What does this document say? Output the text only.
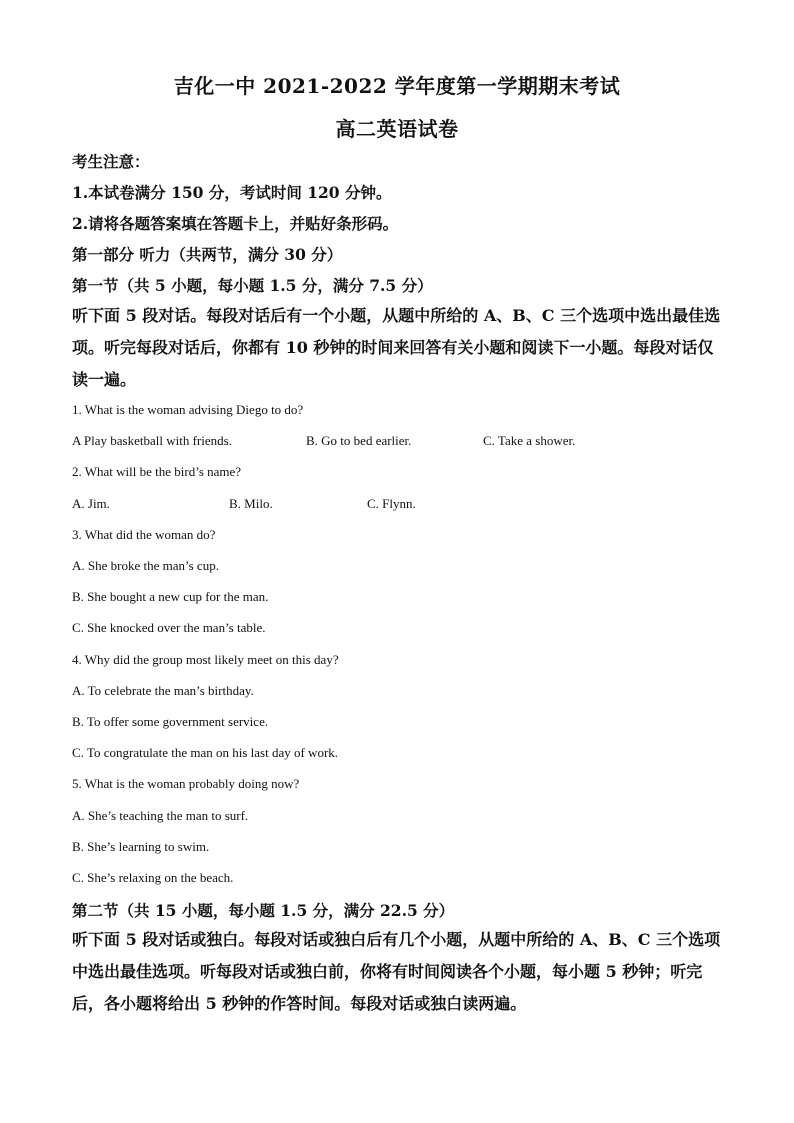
吉化一中 2021-2022 学年度第一学期期末考试
高二英语试卷
考生注意：
1.本试卷满分 150 分，考试时间 120 分钟。
2.请将各题答案填在答题卡上，并贴好条形码。
第一部分 听力（共两节，满分 30 分）
第一节（共 5 小题，每小题 1.5 分，满分 7.5 分）
听下面 5 段对话。每段对话后有一个小题，从题中所给的 A、B、C 三个选项中选出最佳选项。听完每段对话后，你都有 10 秒钟的时间来回答有关小题和阅读下一小题。每段对话仅读一遍。
1. What is the woman advising Diego to do?
A Play basketball with friends.	B. Go to bed earlier.	C. Take a shower.
2. What will be the bird’s name?
A. Jim.	B. Milo.	C. Flynn.
3. What did the woman do?
A. She broke the man’s cup.
B. She bought a new cup for the man.
C. She knocked over the man’s table.
4. Why did the group most likely meet on this day?
A. To celebrate the man’s birthday.
B. To offer some government service.
C. To congratulate the man on his last day of work.
5. What is the woman probably doing now?
A. She’s teaching the man to surf.
B. She’s learning to swim.
C. She’s relaxing on the beach.
第二节（共 15 小题，每小题 1.5 分，满分 22.5 分）
听下面 5 段对话或独白。每段对话或独白后有几个小题，从题中所给的 A、B、C 三个选项中选出最佳选项。听每段对话或独白前，你将有时间阅读各个小题，每小题 5 秒钟；听完后，各小题将给出 5 秒钟的作答时间。每段对话或独白读两遍。
